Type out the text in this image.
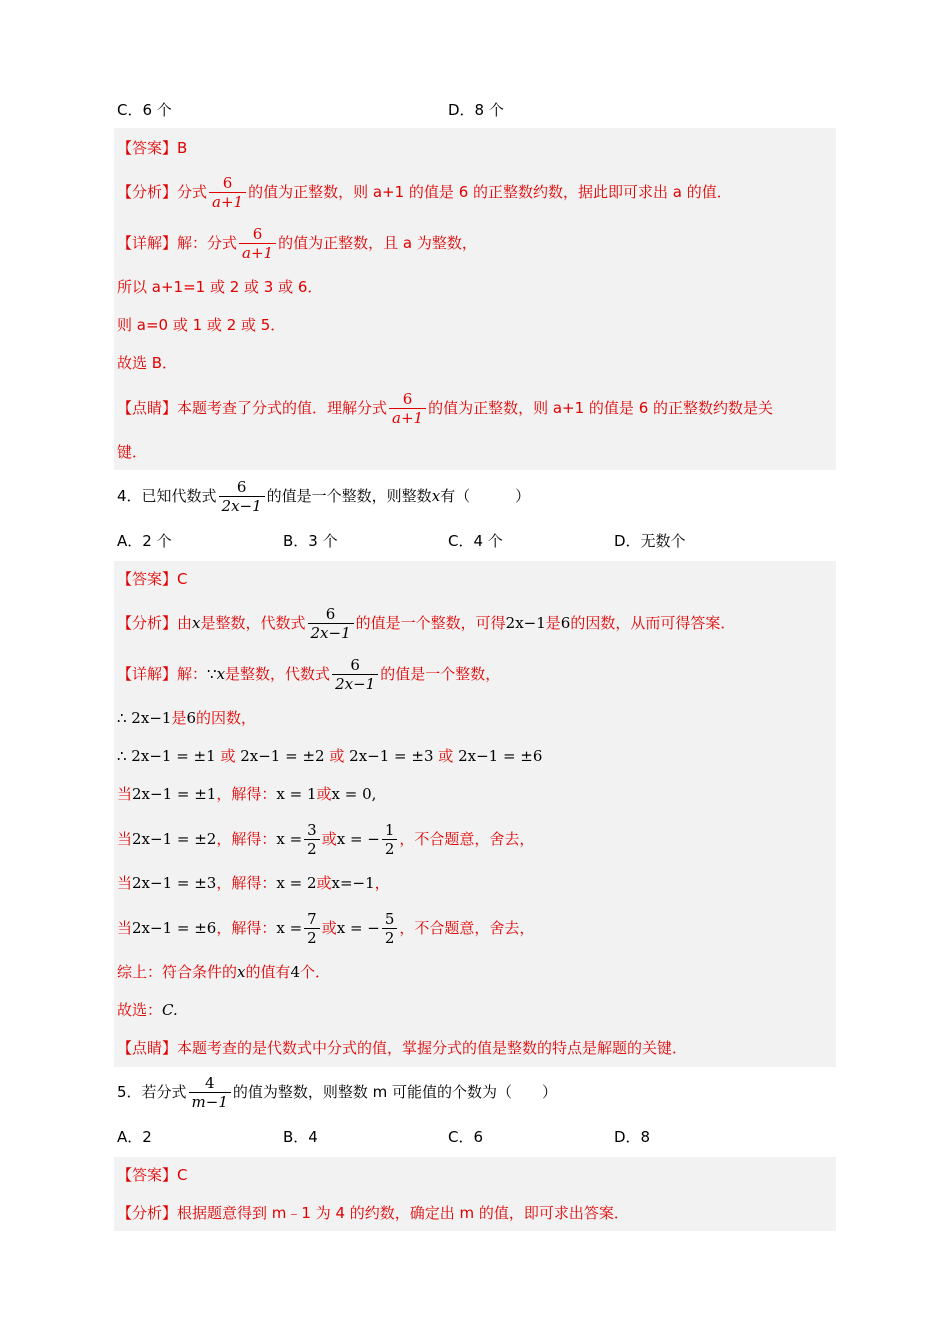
C．6 个	D．8 个
【答案】B
【分析】分式 $\frac{6}{a+1}$ 的值为正整数，则 a+1 的值是 6 的正整数约数，据此即可求出 a 的值．
【详解】解：分式 $\frac{6}{a+1}$ 的值为正整数，且 a 为整数，
所以 a+1=1 或 2 或 3 或 6．
则 a=0 或 1 或 2 或 5．
故选 B．
【点睛】本题考查了分式的值．理解分式 $\frac{6}{a+1}$ 的值为正整数，则 a+1 的值是 6 的正整数约数是关
键．
4．已知代数式 $\frac{6}{2x-1}$ 的值是一个整数，则整数x有（　　　）
A．2 个	B．3 个	C．4 个	D．无数个
【答案】C
【分析】由x是整数，代数式 $\frac{6}{2x-1}$ 的值是一个整数，可得2x−1是6的因数，从而可得答案．
【详解】解：∵x是整数，代数式 $\frac{6}{2x-1}$ 的值是一个整数，
∴ 2x−1是6的因数，
∴ 2x−1 = ±1 或 2x−1 = ±2 或 2x−1 = ±3 或 2x−1 = ±6
当2x−1 = ±1，解得：x = 1或x = 0,
当2x−1 = ±2，解得：$x = \frac{3}{2}$ 或x = − $\frac{1}{2}$ ，不合题意，舍去，
当2x−1 = ±3，解得：x = 2或x=−1，
当2x−1 = ±6，解得：$x = \frac{7}{2}$ 或x = − $\frac{5}{2}$ ，不合题意，舍去，
综上：符合条件的x的值有4个．
故选：C.
【点睛】本题考查的是代数式中分式的值，掌握分式的值是整数的特点是解题的关键．
5．若分式 $\frac{4}{m-1}$ 的值为整数，则整数 m 可能值的个数为（　　）
A．2	B．4	C．6	D．8
【答案】C
【分析】根据题意得到 m﹣1 为 4 的约数，确定出 m 的值，即可求出答案．
